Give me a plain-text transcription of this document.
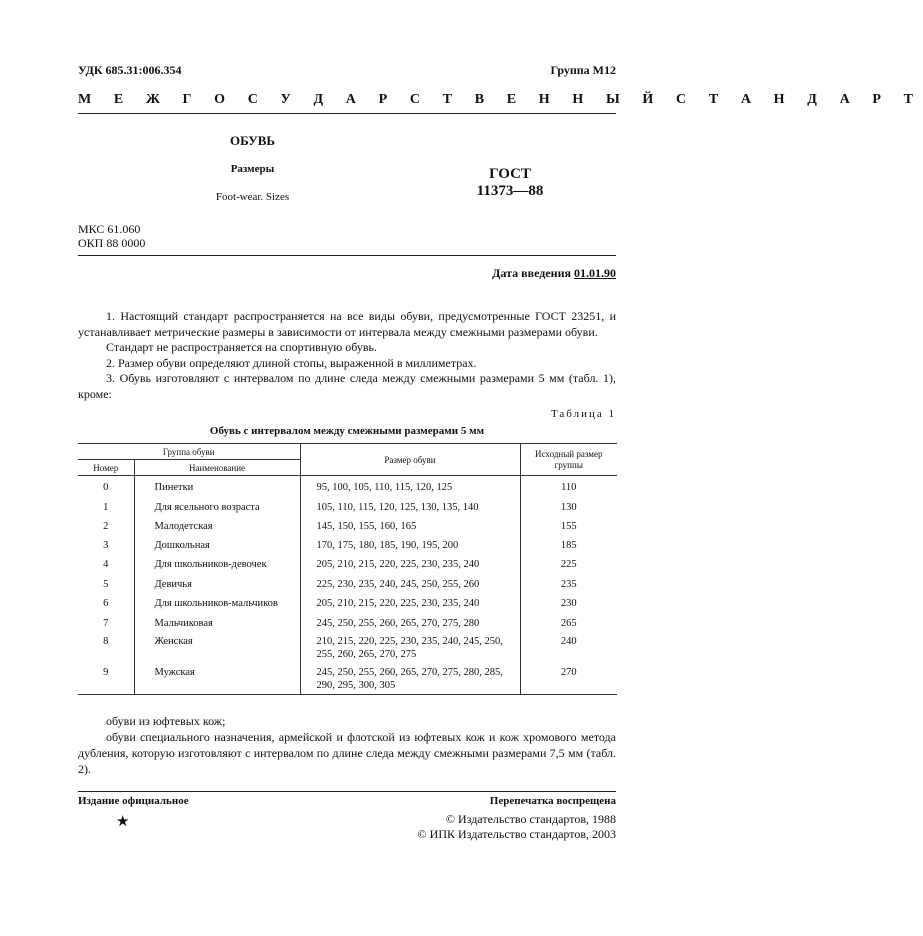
УДК 685.31:006.354	Группа М12
М Е Ж Г О С У Д А Р С Т В Е Н Н Ы Й С Т А Н Д А Р Т
ОБУВЬ
Размеры
Foot-wear. Sizes
ГОСТ
11373—88
МКС 61.060
ОКП 88 0000
Дата введения 01.01.90
1. Настоящий стандарт распространяется на все виды обуви, предусмотренные ГОСТ 23251, и устанавливает метрические размеры в зависимости от интервала между смежными размерами обуви.
Стандарт не распространяется на спортивную обувь.
2. Размер обуви определяют длиной стопы, выраженной в миллиметрах.
3. Обувь изготовляют с интервалом по длине следа между смежными размерами 5 мм (табл. 1), кроме:
Таблица 1
Обувь с интервалом между смежными размерами 5 мм
Группа обуви		Размер обуви	Исходный размер группы
Номер	Наименование		
0	Пинетки	95, 100, 105, 110, 115, 120, 125	110
1	Для ясельного возраста	105, 110, 115, 120, 125, 130, 135, 140	130
2	Малодетская	145, 150, 155, 160, 165	155
3	Дошкольная	170, 175, 180, 185, 190, 195, 200	185
4	Для школьников-девочек	205, 210, 215, 220, 225, 230, 235, 240	225
5	Девичья	225, 230, 235, 240, 245, 250, 255, 260	235
6	Для школьников-мальчиков	205, 210, 215, 220, 225, 230, 235, 240	230
7	Мальчиковая	245, 250, 255, 260, 265, 270, 275, 280	265
8	Женская	210, 215, 220, 225, 230, 235, 240, 245, 250, 255, 260, 265, 270, 275	240
9	Мужская	245, 250, 255, 260, 265, 270, 275, 280, 285, 290, 295, 300, 305	270
обуви из юфтевых кож;
обуви специального назначения, армейской и флотской из юфтевых кож и кож хромового метода дубления, которую изготовляют с интервалом по длине следа между смежными размерами 7,5 мм (табл. 2).
Издание официальное	Перепечатка воспрещена
★	© Издательство стандартов, 1988
© ИПК Издательство стандартов, 2003
